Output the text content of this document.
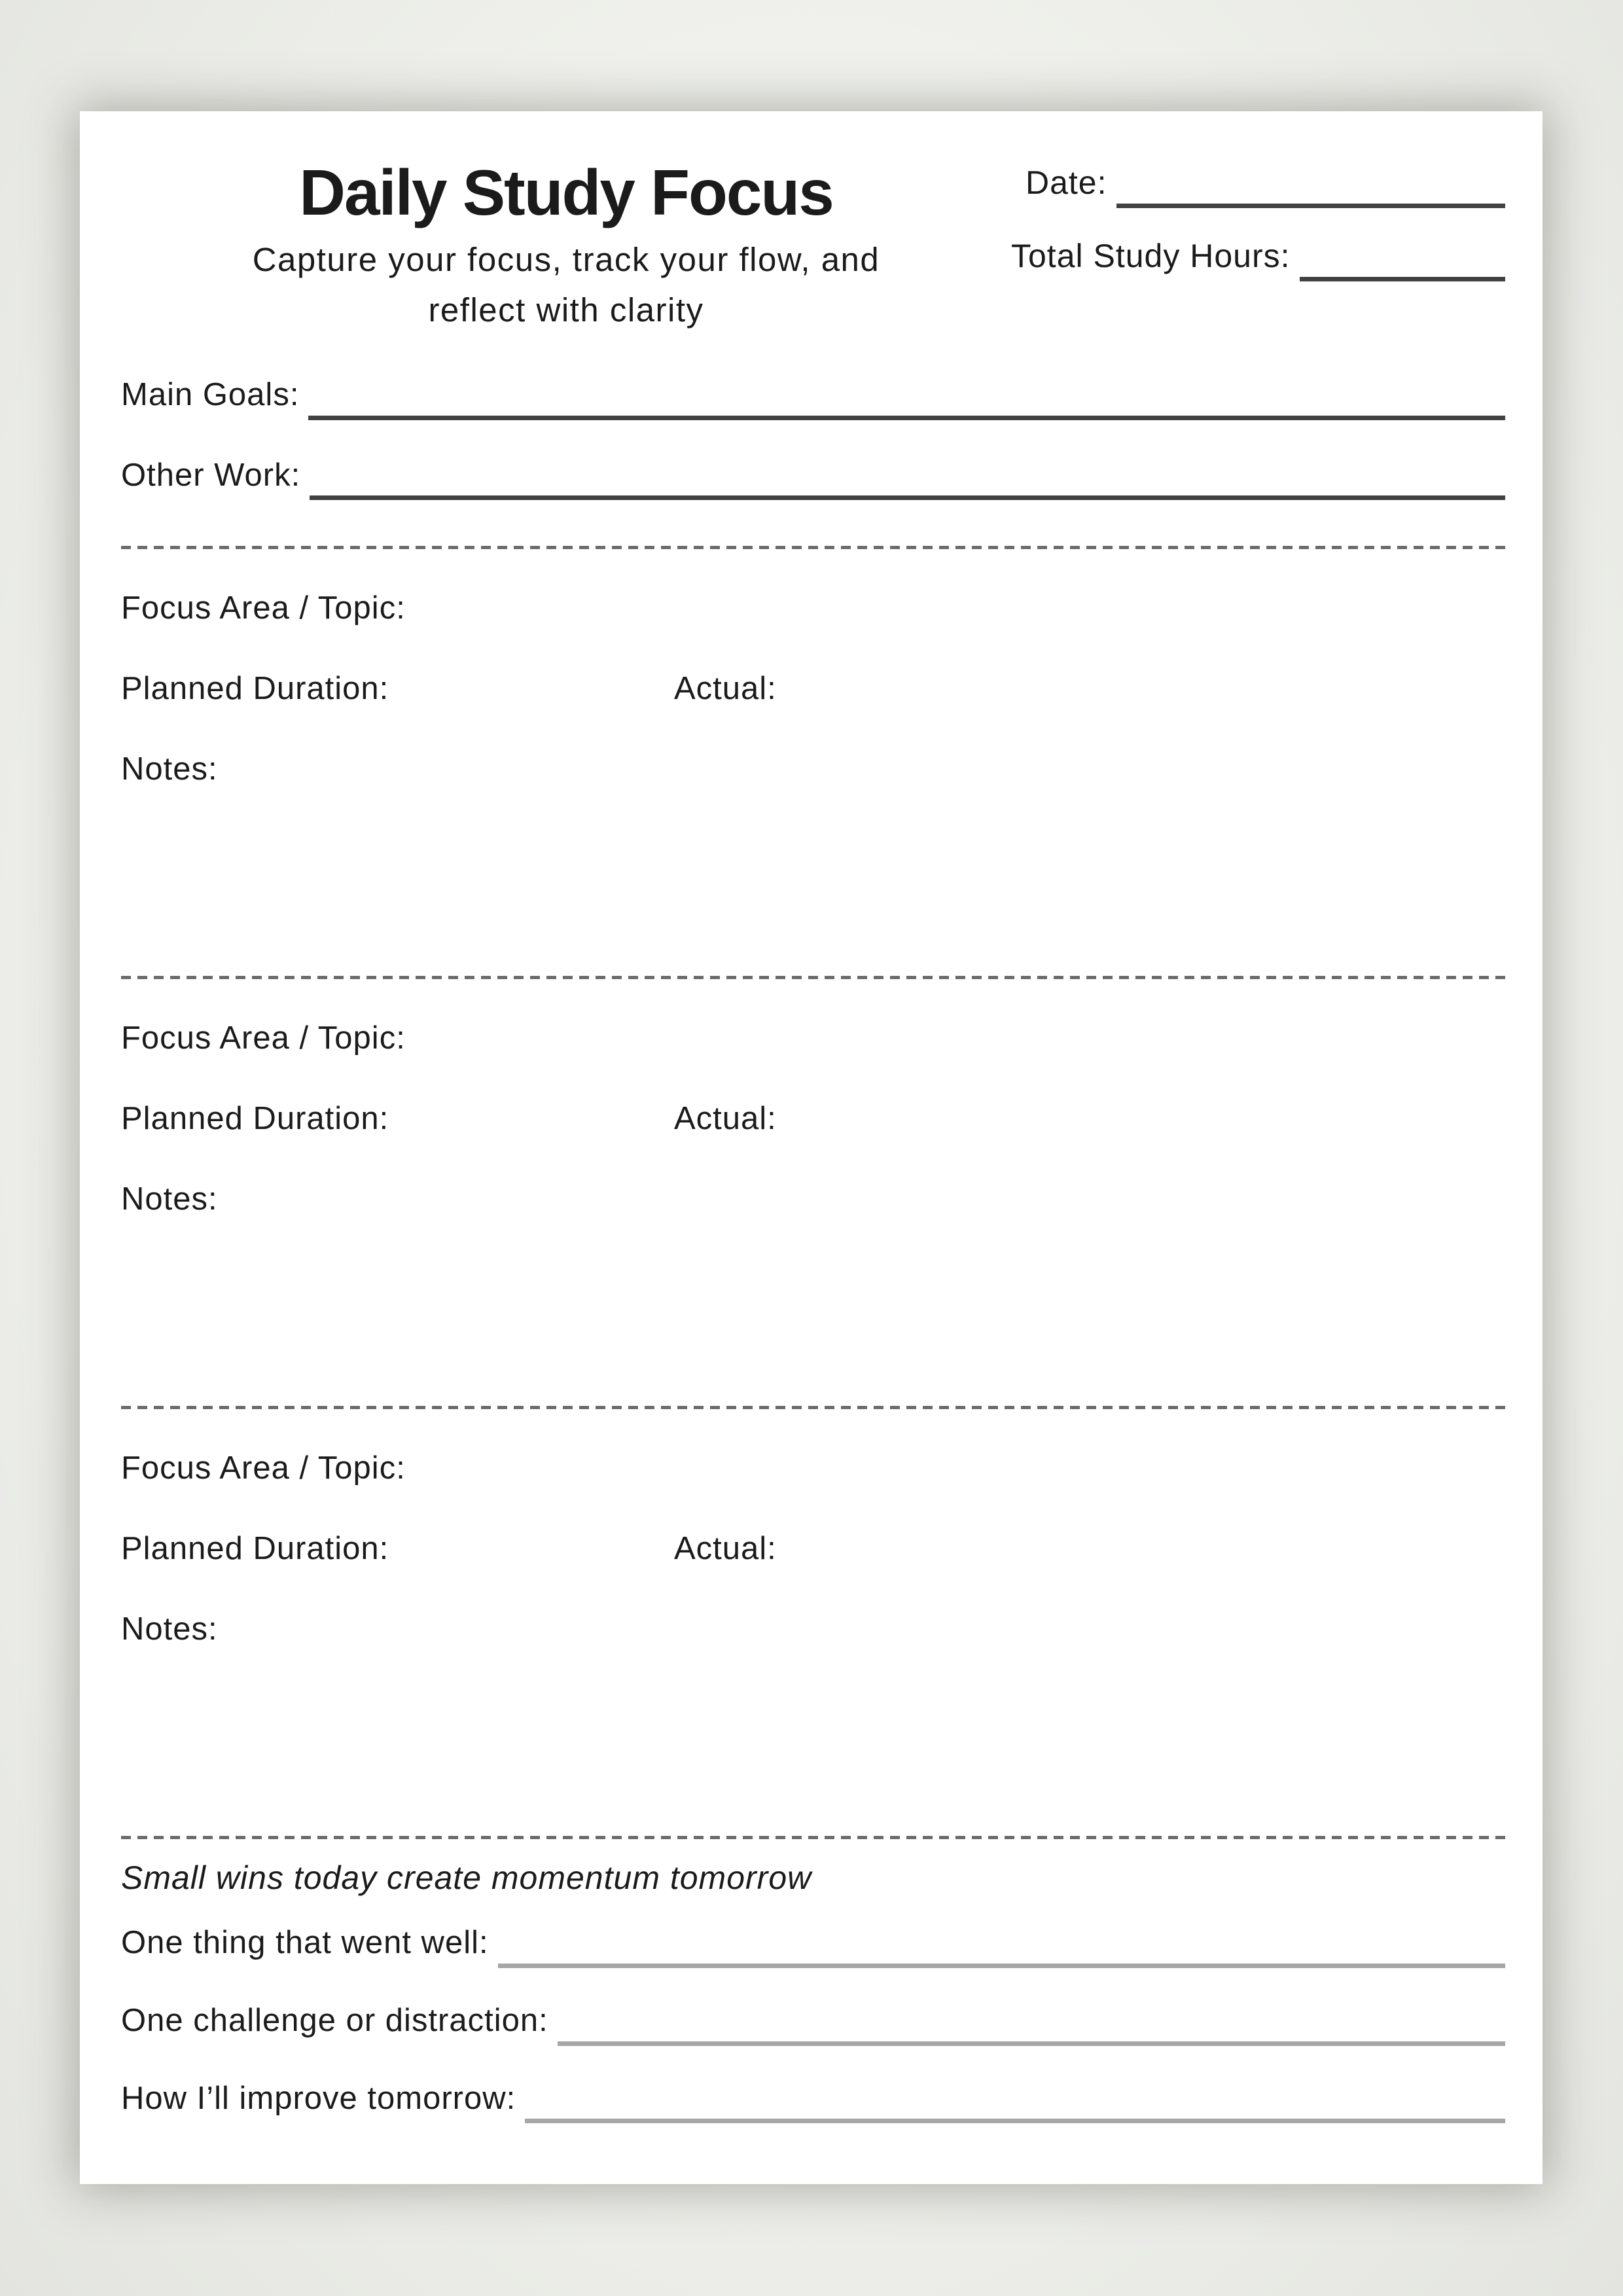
Daily Study Focus

Capture your focus, track your flow, and
reflect with clarity

Date:
Total Study Hours:
Main Goals:
Other Work:
Focus Area / Topic:
Planned Duration:	Actual:
Notes:
Focus Area / Topic:
Planned Duration:	Actual:
Notes:
Focus Area / Topic:
Planned Duration:	Actual:
Notes:

Small wins today create momentum tomorrow

One thing that went well:
One challenge or distraction:
How I’ll improve tomorrow:
